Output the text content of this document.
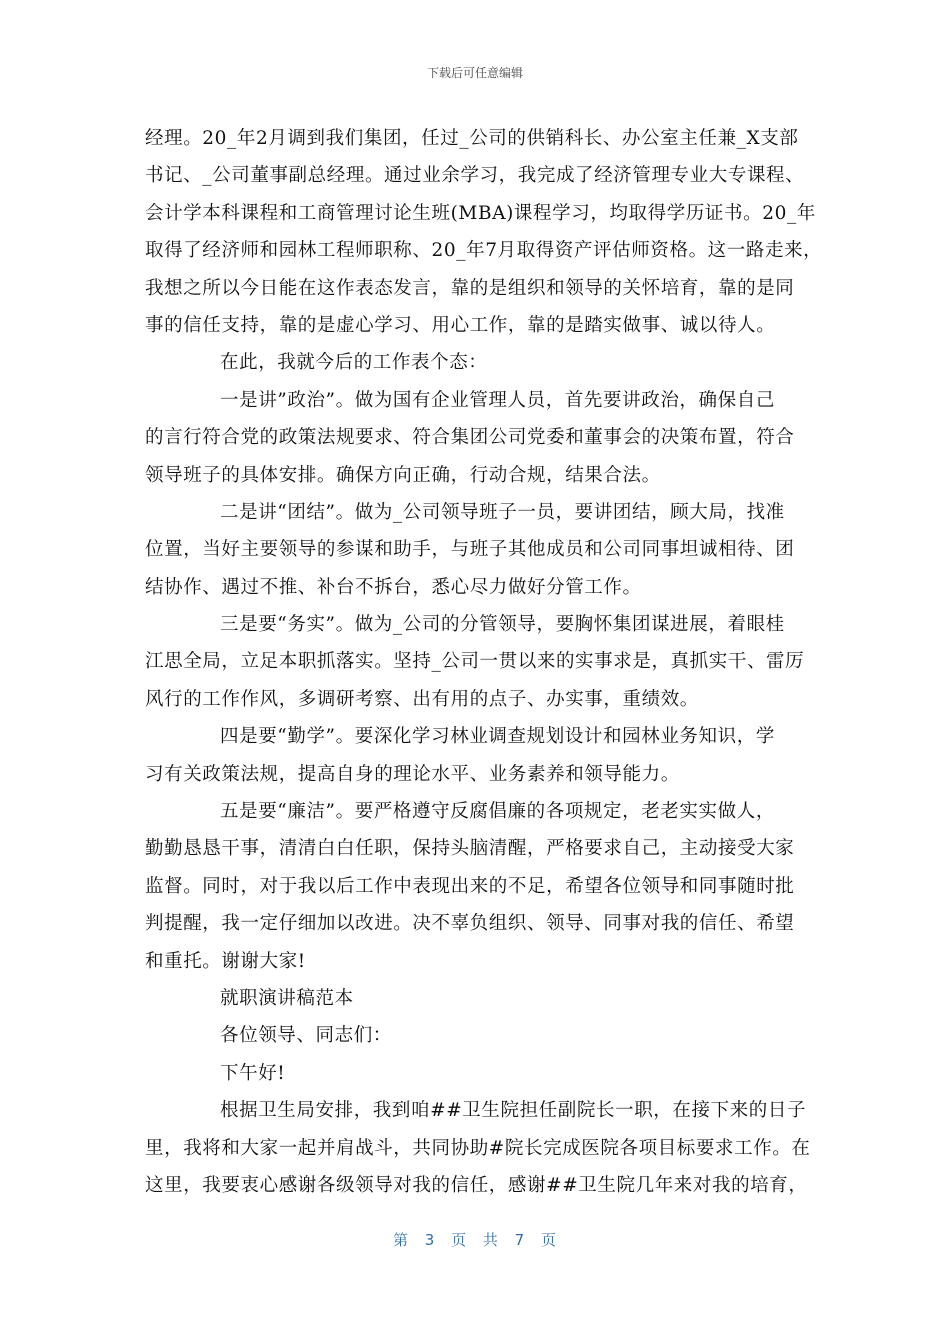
下载后可任意编辑
经理。20_年2月调到我们集团，任过_公司的供销科长、办公室主任兼_X支部
书记、_公司董事副总经理。通过业余学习，我完成了经济管理专业大专课程、
会计学本科课程和工商管理讨论生班(MBA)课程学习，均取得学历证书。20_年
取得了经济师和园林工程师职称、20_年7月取得资产评估师资格。这一路走来，
我想之所以今日能在这作表态发言，靠的是组织和领导的关怀培育，靠的是同
事的信任支持，靠的是虚心学习、用心工作，靠的是踏实做事、诚以待人。
在此，我就今后的工作表个态：
一是讲”政治”。做为国有企业管理人员，首先要讲政治，确保自己
的言行符合党的政策法规要求、符合集团公司党委和董事会的决策布置，符合
领导班子的具体安排。确保方向正确，行动合规，结果合法。
二是讲“团结”。做为_公司领导班子一员，要讲团结，顾大局，找准
位置，当好主要领导的参谋和助手，与班子其他成员和公司同事坦诚相待、团
结协作、遇过不推、补台不拆台，悉心尽力做好分管工作。
三是要“务实”。做为_公司的分管领导，要胸怀集团谋进展，着眼桂
江思全局，立足本职抓落实。坚持_公司一贯以来的实事求是，真抓实干、雷厉
风行的工作作风，多调研考察、出有用的点子、办实事，重绩效。
四是要“勤学”。要深化学习林业调查规划设计和园林业务知识，学
习有关政策法规，提高自身的理论水平、业务素养和领导能力。
五是要“廉洁”。要严格遵守反腐倡廉的各项规定，老老实实做人，
勤勤恳恳干事，清清白白任职，保持头脑清醒，严格要求自己，主动接受大家
监督。同时，对于我以后工作中表现出来的不足，希望各位领导和同事随时批
判提醒，我一定仔细加以改进。决不辜负组织、领导、同事对我的信任、希望
和重托。谢谢大家!
就职演讲稿范本
各位领导、同志们：
下午好!
根据卫生局安排，我到咱##卫生院担任副院长一职，在接下来的日子
里，我将和大家一起并肩战斗，共同协助#院长完成医院各项目标要求工作。在
这里，我要衷心感谢各级领导对我的信任，感谢##卫生院几年来对我的培育，
第 3 页 共 7 页
